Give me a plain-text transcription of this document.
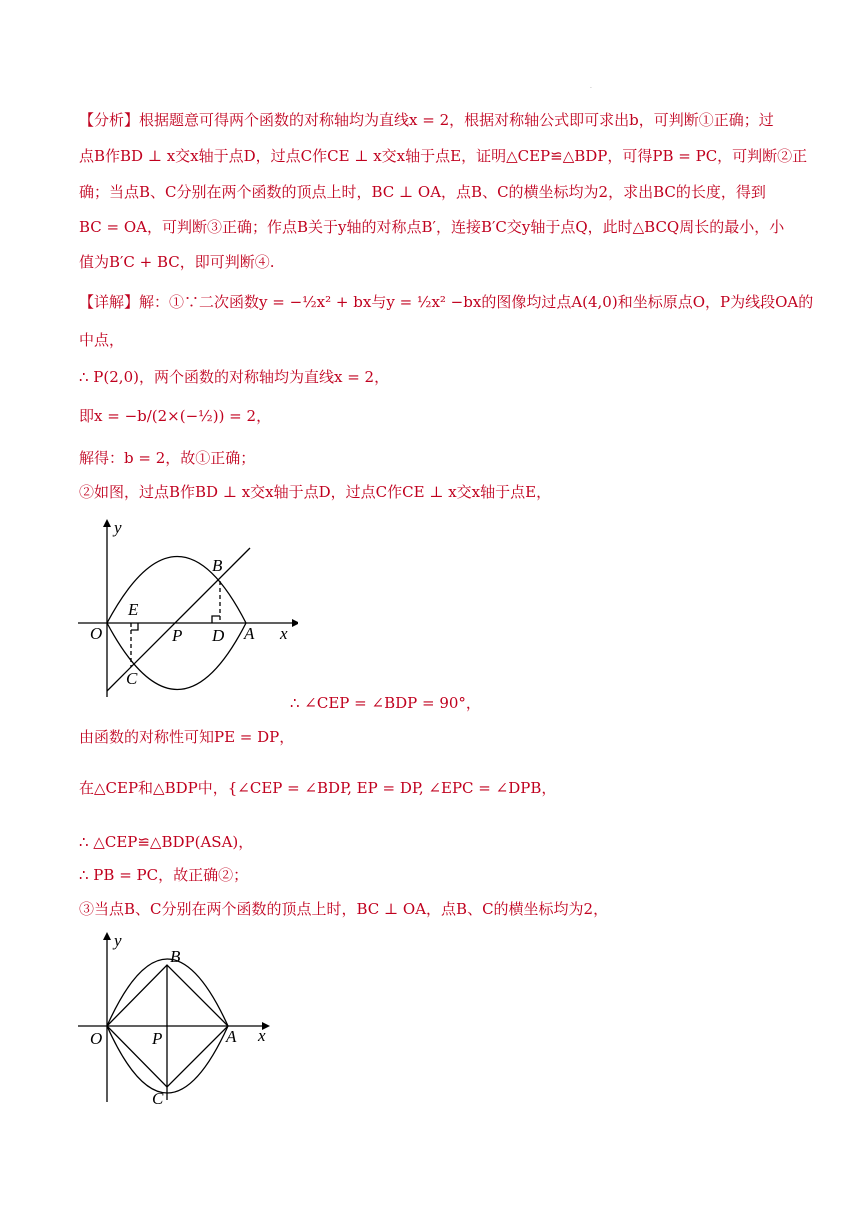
·
【分析】根据题意可得两个函数的对称轴均为直线x = 2，根据对称轴公式即可求出b，可判断①正确；过
点B作BD ⊥ x交x轴于点D，过点C作CE ⊥ x交x轴于点E，证明△CEP≌△BDP，可得PB = PC，可判断②正
确；当点B、C分别在两个函数的顶点上时，BC ⊥ OA，点B、C的横坐标均为2，求出BC的长度，得到
BC = OA，可判断③正确；作点B关于y轴的对称点B′，连接B′C交y轴于点Q，此时△BCQ周长的最小，小
值为B′C + BC，即可判断④.
【详解】解：①∵二次函数y = −½x² + bx与y = ½x² −bx的图像均过点A(4,0)和坐标原点O，P为线段OA的
中点，
∴ P(2,0)，两个函数的对称轴均为直线x = 2，
即x = −b/(2×(−½)) = 2，
解得：b = 2，故①正确；
②如图，过点B作BD ⊥ x交x轴于点D，过点C作CE ⊥ x交x轴于点E，
y
x
O
E
P D A
B
C
∴ ∠CEP = ∠BDP = 90°，
由函数的对称性可知PE = DP，
在△CEP和△BDP中，{∠CEP = ∠BDP, EP = DP, ∠EPC = ∠DPB，
∴ △CEP≌△BDP(ASA)，
∴ PB = PC，故正确②；
③当点B、C分别在两个函数的顶点上时，BC ⊥ OA，点B、C的横坐标均为2，
y
x
O	P	A
B
C
